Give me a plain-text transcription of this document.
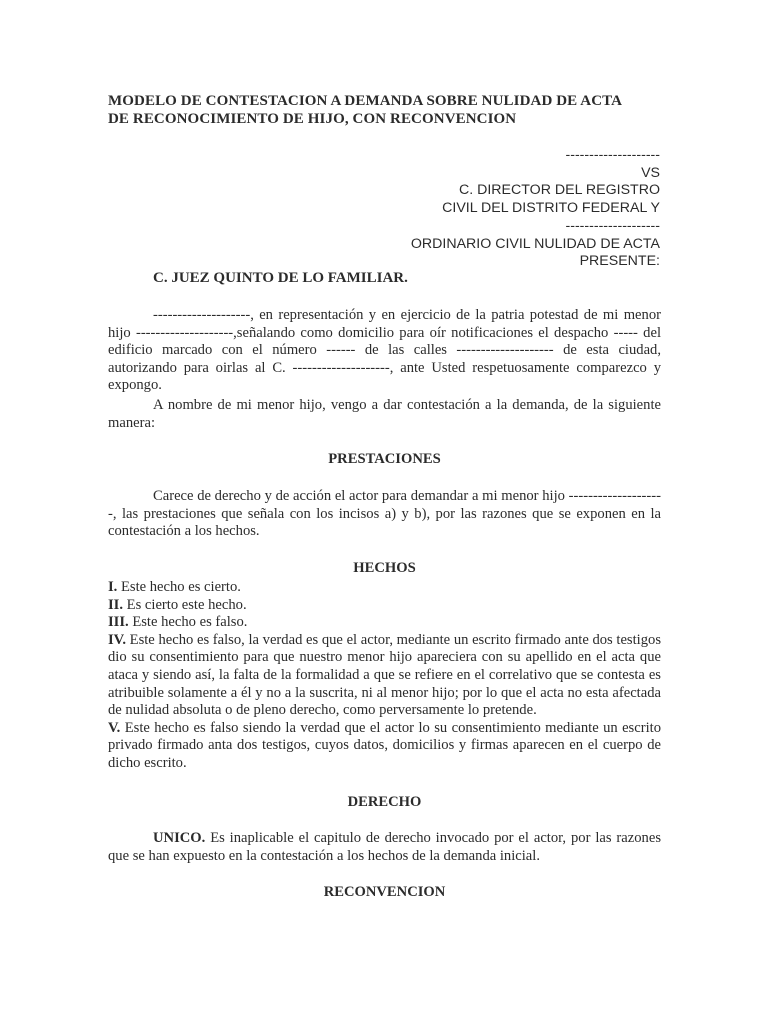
MODELO DE CONTESTACION A DEMANDA SOBRE NULIDAD DE ACTA
DE RECONOCIMIENTO DE HIJO, CON RECONVENCION
--------------------
VS
C. DIRECTOR DEL REGISTRO
CIVIL DEL DISTRITO FEDERAL Y
--------------------
ORDINARIO CIVIL NULIDAD DE ACTA
PRESENTE:
C. JUEZ QUINTO DE LO FAMILIAR.

--------------------, en representación y en ejercicio de la patria potestad de mi menor hijo --------------------,señalando como domicilio para oír notificaciones el despacho ----- del edificio marcado con el número ------ de las calles -------------------- de esta ciudad, autorizando para oirlas al C. --------------------, ante Usted respetuosamente comparezco y expongo.

A nombre de mi menor hijo, vengo a dar contestación a la demanda, de la siguiente manera:

PRESTACIONES

Carece de derecho y de acción el actor para demandar a mi menor hijo --------------------, las prestaciones que señala con los incisos a) y b), por las razones que se exponen en la contestación a los hechos.

HECHOS

I. Este hecho es cierto.

II. Es cierto este hecho.

III. Este hecho es falso.

IV. Este hecho es falso, la verdad es que el actor, mediante un escrito firmado ante dos testigos dio su consentimiento para que nuestro menor hijo apareciera con su apellido en el acta que ataca y siendo así, la falta de la formalidad a que se refiere en el correlativo que se contesta es atribuible solamente a él y no a la suscrita, ni al menor hijo; por lo que el acta no esta afectada de nulidad absoluta o de pleno derecho, como perversamente lo pretende.

V. Este hecho es falso siendo la verdad que el actor lo su consentimiento mediante un escrito privado firmado anta dos testigos, cuyos datos, domicilios y firmas aparecen en el cuerpo de dicho escrito.

DERECHO

UNICO. Es inaplicable el capitulo de derecho invocado por el actor, por las razones que se han expuesto en la contestación a los hechos de la demanda inicial.

RECONVENCION
